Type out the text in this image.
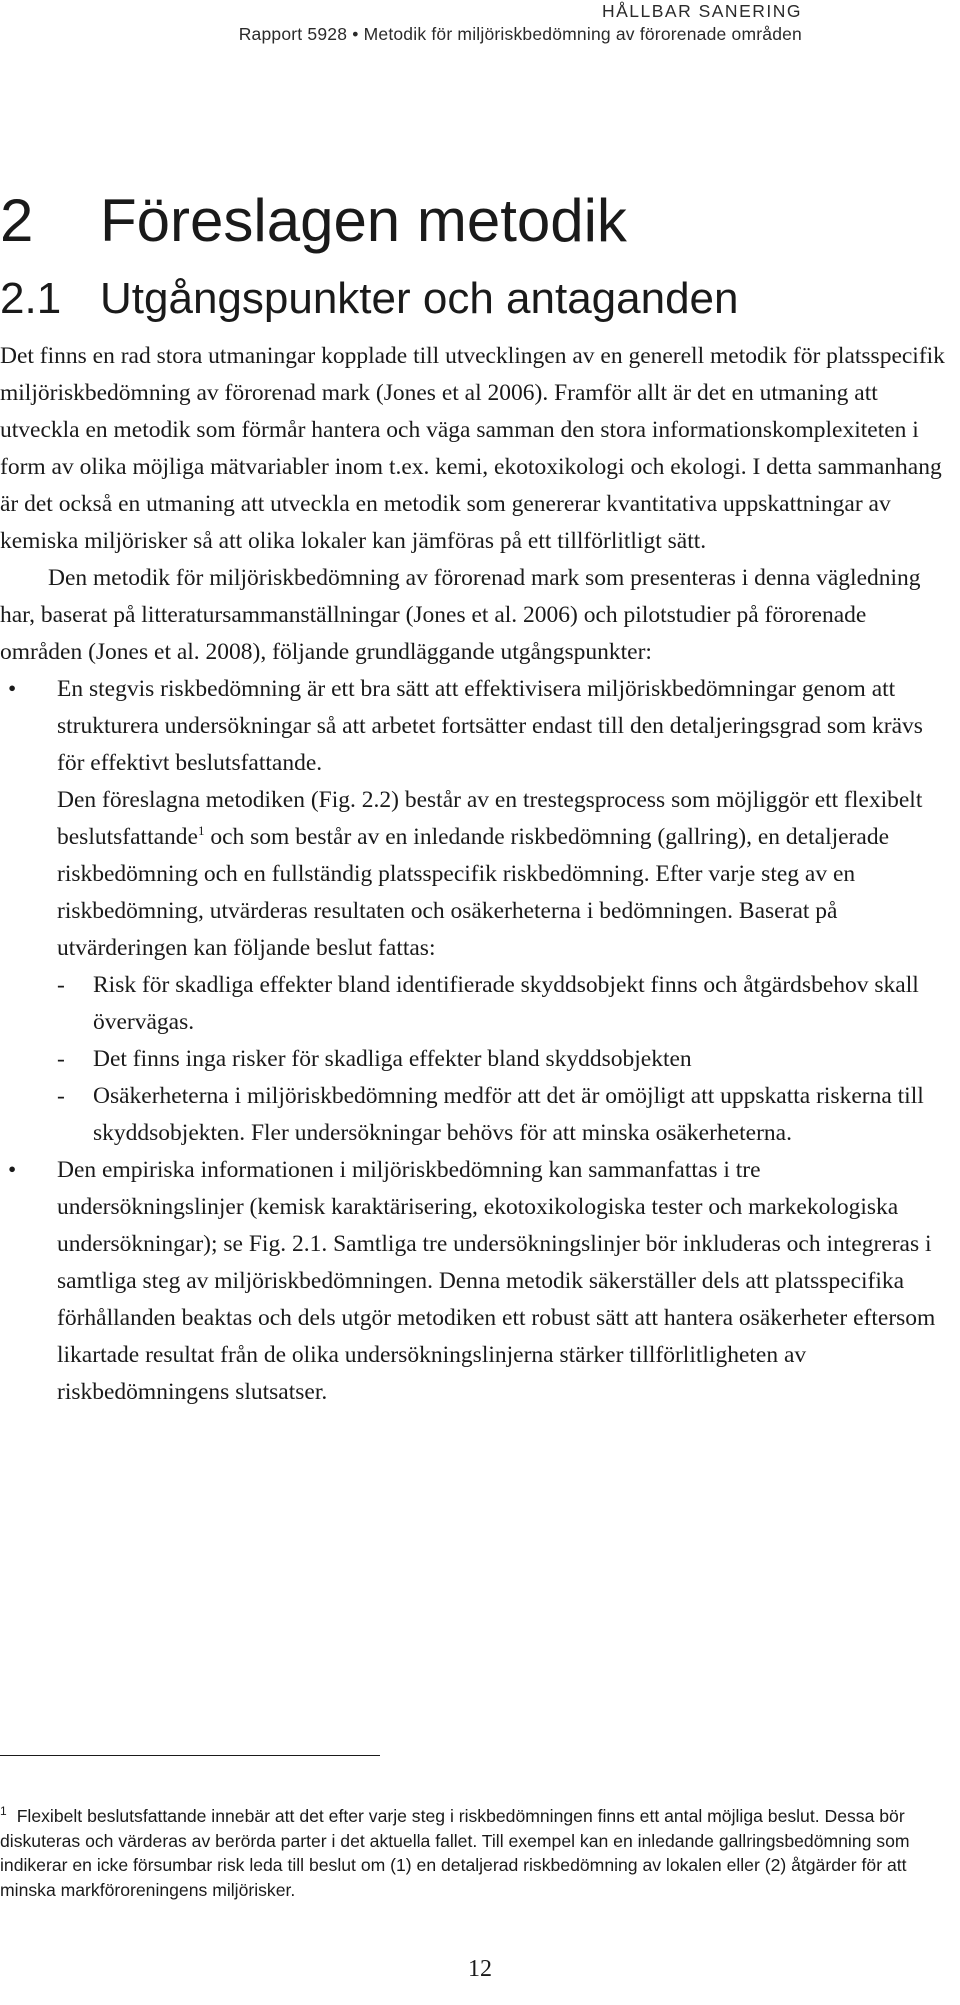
HÅLLBAR SANERING
Rapport 5928 • Metodik för miljöriskbedömning av förorenade områden
2 Föreslagen metodik
2.1 Utgångspunkter och antaganden

Det finns en rad stora utmaningar kopplade till utvecklingen av en generell metodik för platsspecifik miljöriskbedömning av förorenad mark (Jones et al 2006). Framför allt är det en utmaning att utveckla en metodik som förmår hantera och väga samman den stora informationskomplexiteten i form av olika möjliga mätvariabler inom t.ex. kemi, ekotoxikologi och ekologi. I detta sammanhang är det också en utmaning att utveckla en metodik som genererar kvantitativa uppskattningar av kemiska miljörisker så att olika lokaler kan jämföras på ett tillförlitligt sätt.

Den metodik för miljöriskbedömning av förorenad mark som presenteras i denna vägledning har, baserat på litteratursammanställningar (Jones et al. 2006) och pilotstudier på förorenade områden (Jones et al. 2008), följande grundläggande utgångspunkter:

•	En stegvis riskbedömning är ett bra sätt att effektivisera miljöriskbedömningar genom att strukturera undersökningar så att arbetet fortsätter endast till den detaljeringsgrad som krävs för effektivt beslutsfattande.

Den föreslagna metodiken (Fig. 2.2) består av en trestegsprocess som möjliggör ett flexibelt beslutsfattande$^1$ och som består av en inledande riskbedömning (gallring), en detaljerade riskbedömning och en fullständig platsspecifik riskbedömning. Efter varje steg av en riskbedömning, utvärderas resultaten och osäkerheterna i bedömningen. Baserat på utvärderingen kan följande beslut fattas:

- Risk för skadliga effekter bland identifierade skyddsobjekt finns och åtgärdsbehov skall övervägas.

- Det finns inga risker för skadliga effekter bland skyddsobjekten

- Osäkerheterna i miljöriskbedömning medför att det är omöjligt att uppskatta riskerna till skyddsobjekten. Fler undersökningar behövs för att minska osäkerheterna.

•	Den empiriska informationen i miljöriskbedömning kan sammanfattas i tre undersökningslinjer (kemisk karaktärisering, ekotoxikologiska tester och markekologiska undersökningar); se Fig. 2.1. Samtliga tre undersökningslinjer bör inkluderas och integreras i samtliga steg av miljöriskbedömningen. Denna metodik säkerställer dels att platsspecifika förhållanden beaktas och dels utgör metodiken ett robust sätt att hantera osäkerheter eftersom likartade resultat från de olika undersökningslinjerna stärker tillförlitligheten av riskbedömningens slutsatser.

$^1$ Flexibelt beslutsfattande innebär att det efter varje steg i riskbedömningen finns ett antal möjliga beslut. Dessa bör diskuteras och värderas av berörda parter i det aktuella fallet. Till exempel kan en inledande gallringsbedömning som indikerar en icke försumbar risk leda till beslut om (1) en detaljerad riskbedömning av lokalen eller (2) åtgärder för att minska markföroreningens miljörisker.
12
